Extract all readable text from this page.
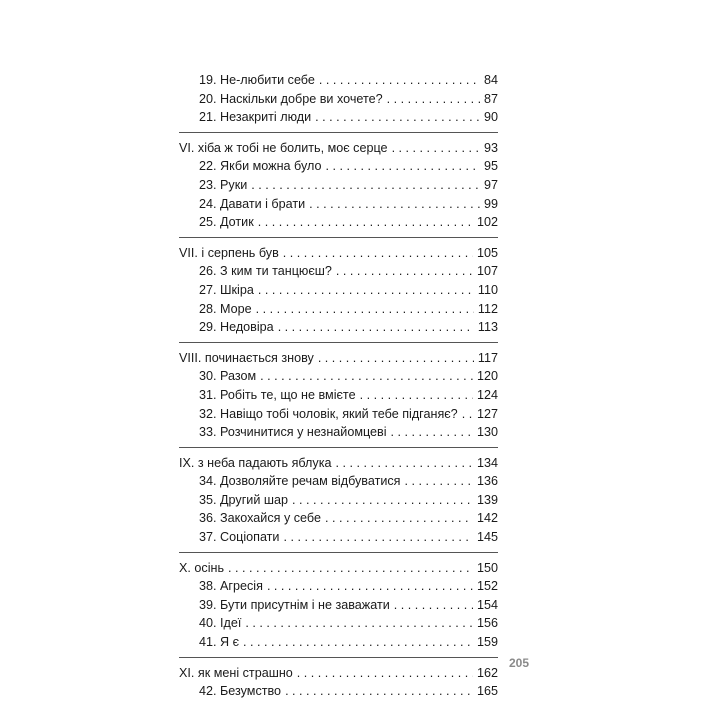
19. Не-любити себе . . .	84
20. Наскільки добре ви хочете? . . .	87
21. Незакриті люди . . .	90
VI. хіба ж тобі не болить, моє серце . . .	93
22. Якби можна було . . .	95
23. Руки . . .	97
24. Давати і брати . . .	99
25. Дотик . . .	102
VII. і серпень був . . .	105
26. З ким ти танцюєш? . . .	107
27. Шкіра . . .	110
28. Море . . .	112
29. Недовіра . . .	113
VIII. починається знову . . .	117
30. Разом . . .	120
31. Робіть те, що не вмієте . . .	124
32. Навіщо тобі чоловік, який тебе підганяє? . . . 127
33. Розчинитися у незнайомцеві . . .	130
IX. з неба падають яблука . . .	134
34. Дозволяйте речам відбуватися . . .	136
35. Другий шар . . .	139
36. Закохайся у себе . . .	142
37. Соціопати . . .	145
X. осінь . . .	150
38. Агресія . . .	152
39. Бути присутнім і не заважати . . .	154
40. Ідеї . . .	156
41. Я є . . .	159
XI. як мені страшно . . .	162
42. Безумство . . .	165
205
